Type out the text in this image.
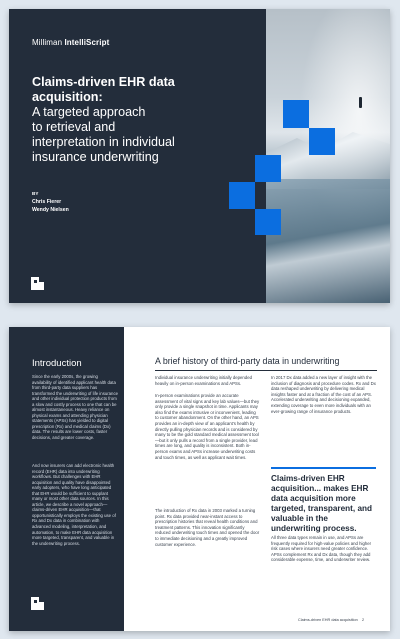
Milliman IntelliScript
Claims-driven EHR data acquisition:
A targeted approach
to retrieval and
interpretation in individual
insurance underwriting
BY
Chris Fierer
Wendy Nielsen
Introduction

Since the early 2000s, the growing availability of identified applicant health data from third-party data suppliers has transformed the underwriting of life insurance and other individual protection products from a slow and costly process to one that can be almost instantaneous. Heavy reliance on physical exams and attending physician statements (APSs) has yielded to digital prescription (Rx) and medical claims (Dx) data. The results are lower costs, faster decisions, and greater coverage.

And now insurers can add electronic health record (EHR) data into underwriting workflows. But challenges with EHR acquisition and quality have disappointed early adopters, who have long anticipated that EHR would be sufficient to supplant many or most other data sources. In this article, we describe a novel approach—claims-driven EHR acquisition—that opportunistically employs the existing use of Rx and Dx data in combination with advanced modeling, interpretation, and automation, to make EHR data acquisition more targeted, transparent, and valuable in the underwriting process.

A brief history of third-party data in underwriting

Individual insurance underwriting initially depended heavily on in-person examinations and APSs.

In-person examinations provide an accurate assessment of vital signs and key lab values—but they only provide a single snapshot in time. Applicants may also find the exams intrusive or inconvenient, leading to customer abandonment. On the other hand, an APS provides an in-depth view of an applicant's health by directly pulling physician records and is considered by many to be the gold standard medical assessment tool—but it only pulls a record from a single provider, lead times are long, and quality is inconsistent. Both in-person exams and APSs increase underwriting costs and touch times, as well as applicant wait times.

The introduction of Rx data in 2003 marked a turning point. Rx data provided near-instant access to prescription histories that reveal health conditions and treatment patterns. This innovation significantly reduced underwriting touch times and opened the door to immediate decisioning and a greatly improved customer experience.

In 2017 Dx data added a new layer of insight with the inclusion of diagnosis and procedure codes. Rx and Dx data reshaped underwriting by delivering medical insights faster and at a fraction of the cost of an APS. Accelerated underwriting and decisioning expanded, extending coverage to even more individuals with an ever-growing range of insurance products.

Claims-driven EHR acquisition... makes EHR data acquisition more targeted, transparent, and valuable in the underwriting process.

All three data types remain in use, and APSs are frequently required for high-value policies and higher risk cases where insurers need greater confidence. APSs complement Rx and Dx data, though they add considerable expense, time, and underwriter review.

Claims-driven EHR data acquisition 2
